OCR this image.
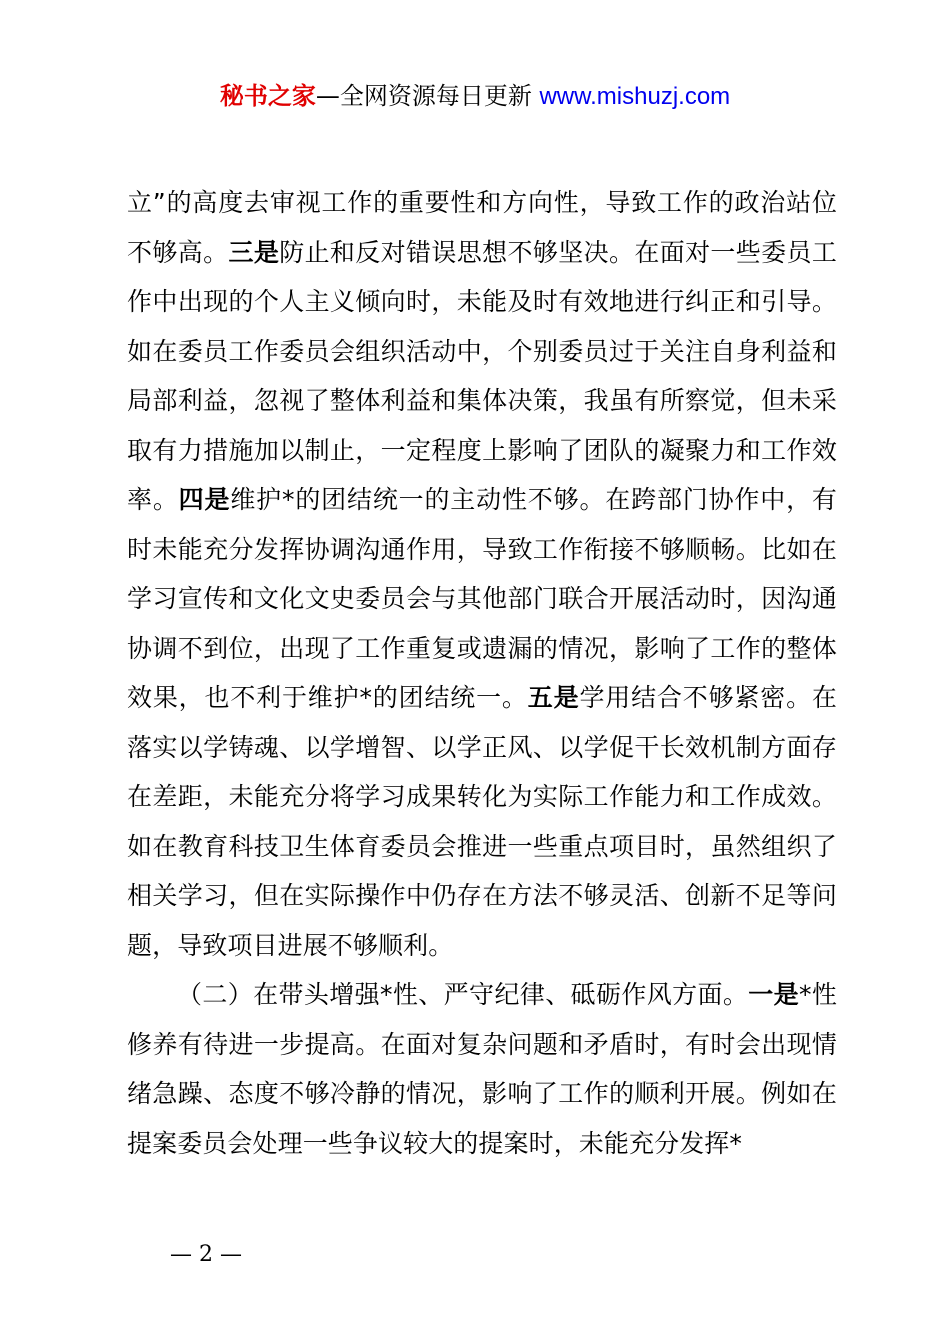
秘书之家—全网资源每日更新 www.mishuzj.com

立”的高度去审视工作的重要性和方向性，导致工作的政治站位不够高。三是防止和反对错误思想不够坚决。在面对一些委员工作中出现的个人主义倾向时，未能及时有效地进行纠正和引导。如在委员工作委员会组织活动中，个别委员过于关注自身利益和局部利益，忽视了整体利益和集体决策，我虽有所察觉，但未采取有力措施加以制止，一定程度上影响了团队的凝聚力和工作效率。四是维护*的团结统一的主动性不够。在跨部门协作中，有时未能充分发挥协调沟通作用，导致工作衔接不够顺畅。比如在学习宣传和文化文史委员会与其他部门联合开展活动时，因沟通协调不到位，出现了工作重复或遗漏的情况，影响了工作的整体效果，也不利于维护*的团结统一。五是学用结合不够紧密。在落实以学铸魂、以学增智、以学正风、以学促干长效机制方面存在差距，未能充分将学习成果转化为实际工作能力和工作成效。如在教育科技卫生体育委员会推进一些重点项目时，虽然组织了相关学习，但在实际操作中仍存在方法不够灵活、创新不足等问题，导致项目进展不够顺利。

（二）在带头增强*性、严守纪律、砥砺作风方面。一是*性修养有待进一步提高。在面对复杂问题和矛盾时，有时会出现情绪急躁、态度不够冷静的情况，影响了工作的顺利开展。例如在提案委员会处理一些争议较大的提案时，未能充分发挥*

— 2 —
